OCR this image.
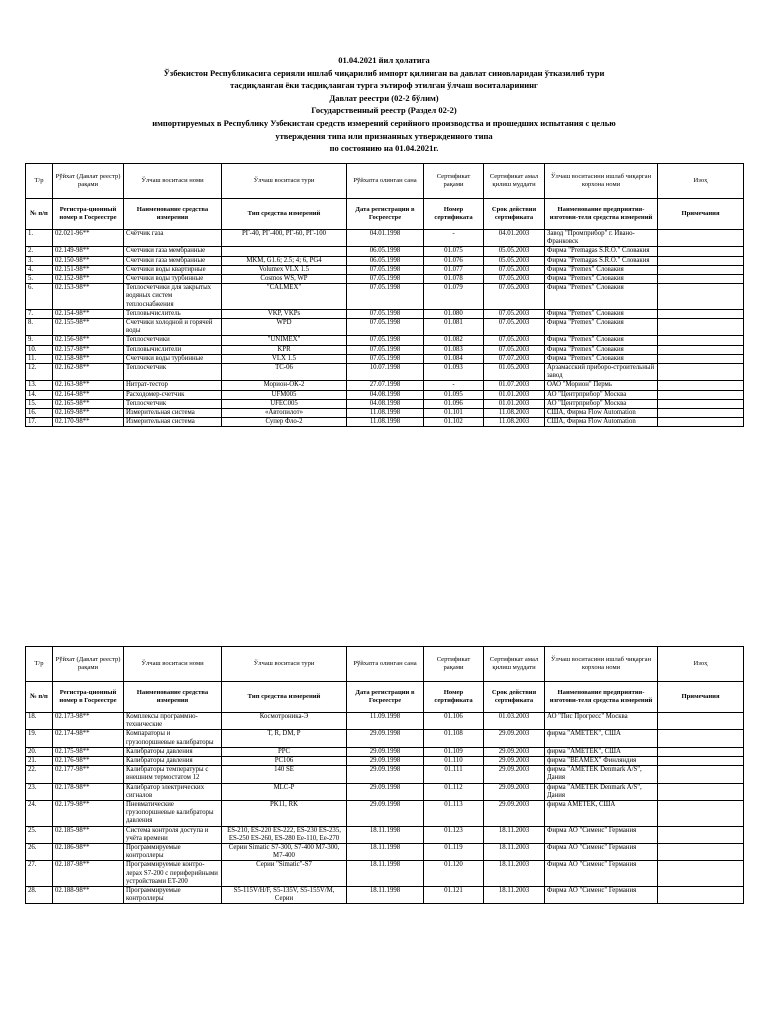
01.04.2021 йил ҳолатига
Ўзбекистон Республикасига серияли ишлаб чиқарилиб импорт қилинган ва давлат синовларидан ўтказилиб тури
тасдиқланган ёки тасдиқланган турга эътироф этилган ўлчаш воситаларининг
Давлат реестри (02-2 бўлим)
Государственный реестр (Раздел 02-2)
импортируемых в Республику Узбекистан средств измерений серийного производства и прошедших испытания с целью
утверждения типа или признанных утвержденного типа
по состоянию на 01.04.2021г.
Т/р	Рўйхат (Давлат реестр) рақами	Ўлчаш воситаси номи	Ўлчаш воситаси тури	Рўйхатга олинган сана	Сертификат рақами	Сертификат амал қилиш муддати	Ўлчаш воситасини ишлаб чиқарган корхона номи	Изоҳ
№ п/п	Регистра-ционный номер в Госреестре	Наименование средства измерения	Тип средства измерений	Дата регистрации в Госреестре	Номер сертификата	Срок действия сертификата	Наименование предприятия-изготови-теля средства измерений	Примечания
1.	02.021-96**	Счётчик газа	РГ-40, РГ-400, РГ-60, РГ-100	04.01.1998	-	04.01.2003	Завод "Промприбор" г. Ивано-Франковск	
2.	02.149-98**	Счетчики газа мембранные		06.05.1998	01.075	05.05.2003	Фирма "Premagas S.R.O." Словакия	
3.	02.150-98**	Счетчики газа мембранные	MKM, G1.6; 2.5; 4; 6, PG4	06.05.1998	01.076	05.05.2003	Фирма "Premagas S.R.O." Словакия	
4.	02.151-98**	Счетчики воды квартирные	Volumex VLX 1.5	07.05.1998	01.077	07.05.2003	Фирма "Premex" Словакия	
5.	02.152-98**	Счетчики воды турбинные	Cosmos WS, WP	07.05.1998	01.078	07.05.2003	Фирма "Premex" Словакия	
6.	02.153-98**	Теплосчетчики для закрытых водяных систем теплоснабжения	"CALMEX"	07.05.1998	01.079	07.05.2003	Фирма "Premex" Словакия	
7.	02.154-98**	Тепловычислитель	VKP, VKPs	07.05.1998	01.080	07.05.2003	Фирма "Premex" Словакия	
8.	02.155-98**	Счетчики холодной и горячей воды	WPD	07.05.1998	01.081	07.05.2003	Фирма "Premex" Словакия	
9.	02.156-98**	Теплосчетчики	"UNIMEX"	07.05.1998	01.082	07.05.2003	Фирма "Premex" Словакия	
10.	02.157-98**	Тепловычислители	KPR	07.05.1998	01.083	07.05.2003	Фирма "Premex" Словакия	
11.	02.158-98**	Счетчики воды турбинные	VLX 1.5	07.05.1998	01.084	07.07.2003	Фирма "Premex" Словакия	
12.	02.162-98**	Теплосчетчик	ТС-06	10.07.1998	01.093	01.05.2003	Арзамасский приборо-строительный завод	
13.	02.163-98**	Нитрат-тестор	Морион-ОК-2	27.07.1998	-	01.07.2003	ОАО "Морион" Пермь	
14.	02.164-98**	Расходомер-счетчик	UFM005	04.08.1998	01.095	01.01.2003	АО "Центрприбор" Москва	
15.	02.165-98**	Теплосчетчик	UFEC005	04.08.1998	01.096	01.01.2003	АО "Центрприбор" Москва	
16.	02.169-98**	Измерительная система	«Автопилот»	11.08.1998	01.101	11.08.2003	США, Фирма Flow Automation	
17.	02.170-98**	Измерительная система	Супер Фло-2	11.08.1998	01.102	11.08.2003	США, Фирма Flow Automation	
Т/р	Рўйхат (Давлат реестр) рақами	Ўлчаш воситаси номи	Ўлчаш воситаси тури	Рўйхатга олинган сана	Сертификат рақами	Сертификат амал қилиш муддати	Ўлчаш воситасини ишлаб чиқарган корхона номи	Изоҳ
№ п/п	Регистра-ционный номер в Госреестре	Наименование средства измерения	Тип средства измерений	Дата регистрации в Госреестре	Номер сертификата	Срок действия сертификата	Наименование предприятия-изготови-теля средства измерений	Примечания
18.	02.173-98**	Комплексы программно-технические	Космотроника-Э	11.09.1998	01.106	01.03.2003	АО "Пис Прогресс" Москва	
19.	02.174-98**	Компараторы и грузопоршневые калибраторы	T, R, DM, P	29.09.1998	01.108	29.09.2003	фирма "AMETEK", США	
20.	02.175-98**	Калибраторы давления	PPC	29.09.1998	01.109	29.09.2003	фирма "AMETEK", США	
21.	02.176-98**	Калибраторы давления	PC106	29.09.1998	01.110	29.09.2003	фирма "BEAMEX" Финляндия	
22.	02.177-98**	Калибраторы температуры с внешним термостатом 12	140 SE	29.09.1998	01.111	29.09.2003	фирма "AMETEK Denmark A/S", Дания	
23.	02.178-98**	Калибратор электрических сигналов	MLC-P	29.09.1998	01.112	29.09.2003	фирма "AMETEK Denmark A/S", Дания	
24.	02.179-98**	Пневматические грузопоршневые калибраторы давления	PK11, RK	29.09.1998	01.113	29.09.2003	фирма AMETEK, США	
25.	02.185-98**	Система контроля доступа и учёта времени	ES-210, ES-220 ES-222, ES-230 ES-235, ES-250 ES-260, ES-280 Ee-110, Ee-270	18.11.1998	01.123	18.11.2003	Фирма АО "Сименс" Германия	
26.	02.186-98**	Программируемые контроллеры	Серии Simatic S7-300, S7-400 M7-300, M7-400	18.11.1998	01.119	18.11.2003	Фирма АО "Сименс" Германия	
27.	02.187-98**	Программируемые контро-лерах S7-200 с периферийными устройствами ET-200	Серии "Simatic"-S7	18.11.1998	01.120	18.11.2003	Фирма АО "Сименс" Германия	
28.	02.188-98**	Программируемые контроллеры	S5-115V/H/F, S5-135V, S5-155V/M, Серии	18.11.1998	01.121	18.11.2003	Фирма АО "Сименс" Германия	
